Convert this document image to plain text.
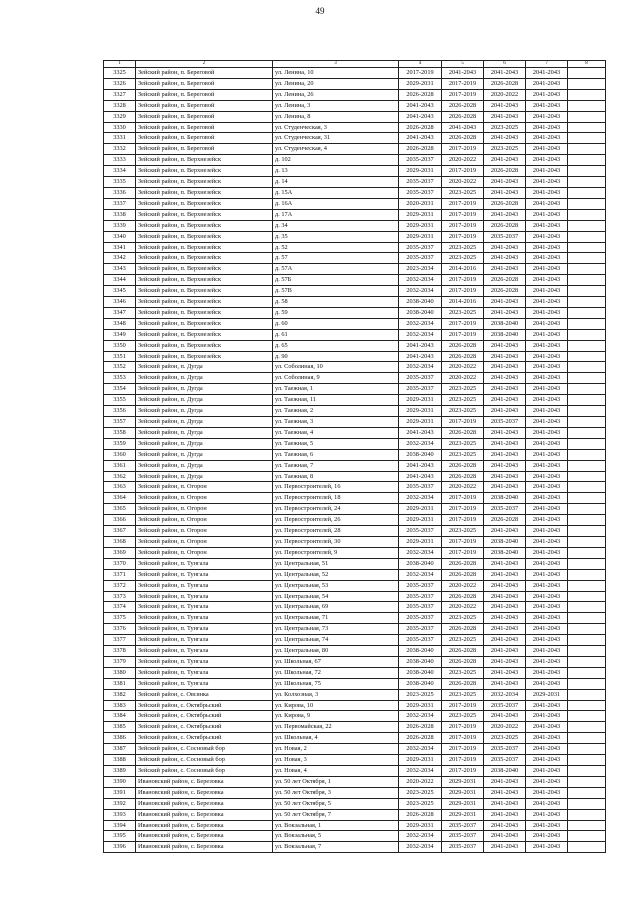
49
1	2	3	4	5	6	7	8
3325	Зейский район, п. Береговой	ул. Ленина, 10	2017-2019	2041-2043	2041-2043	2041-2043	
3326	Зейский район, п. Береговой	ул. Ленина, 20	2029-2031	2017-2019	2026-2028	2041-2043	
3327	Зейский район, п. Береговой	ул. Ленина, 26	2026-2028	2017-2019	2020-2022	2041-2043	
3328	Зейский район, п. Береговой	ул. Ленина, 3	2041-2043	2026-2028	2041-2043	2041-2043	
3329	Зейский район, п. Береговой	ул. Ленина, 8	2041-2043	2026-2028	2041-2043	2041-2043	
3330	Зейский район, п. Береговой	ул. Студенческая, 3	2026-2028	2041-2043	2023-2025	2041-2043	
3331	Зейский район, п. Береговой	ул. Студенческая, 31	2041-2043	2026-2028	2041-2043	2041-2043	
3332	Зейский район, п. Береговой	ул. Студенческая, 4	2026-2028	2017-2019	2023-2025	2041-2043	
3333	Зейский район, п. Верхнезейск	д. 102	2035-2037	2020-2022	2041-2043	2041-2043	
3334	Зейский район, п. Верхнезейск	д. 13	2029-2031	2017-2019	2026-2028	2041-2043	
3335	Зейский район, п. Верхнезейск	д. 14	2035-2037	2020-2022	2041-2043	2041-2043	
3336	Зейский район, п. Верхнезейск	д. 15А	2035-2037	2023-2025	2041-2043	2041-2043	
3337	Зейский район, п. Верхнезейск	д. 16А	2020-2031	2017-2019	2026-2028	2041-2043	
3338	Зейский район, п. Верхнезейск	д. 17А	2029-2031	2017-2019	2041-2043	2041-2043	
3339	Зейский район, п. Верхнезейск	д. 34	2029-2031	2017-2019	2026-2028	2041-2043	
3340	Зейский район, п. Верхнезейск	д. 35	2029-2031	2017-2019	2035-2037	2041-2043	
3341	Зейский район, п. Верхнезейск	д. 52	2035-2037	2023-2025	2041-2043	2041-2043	
3342	Зейский район, п. Верхнезейск	д. 57	2035-2037	2023-2025	2041-2043	2041-2043	
3343	Зейский район, п. Верхнезейск	д. 57А	2023-2034	2014-2016	2041-2043	2041-2043	
3344	Зейский район, п. Верхнезейск	д. 57Б	2032-2034	2017-2019	2026-2028	2041-2043	
3345	Зейский район, п. Верхнезейск	д. 57В	2032-2034	2017-2019	2026-2028	2041-2043	
3346	Зейский район, п. Верхнезейск	д. 58	2038-2040	2014-2016	2041-2043	2041-2043	
3347	Зейский район, п. Верхнезейск	д. 59	2038-2040	2023-2025	2041-2043	2041-2043	
3348	Зейский район, п. Верхнезейск	д. 60	2032-2034	2017-2019	2038-2040	2041-2043	
3349	Зейский район, п. Верхнезейск	д. 61	2032-2034	2017-2019	2038-2040	2041-2043	
3350	Зейский район, п. Верхнезейск	д. 65	2041-2043	2026-2028	2041-2043	2041-2043	
3351	Зейский район, п. Верхнезейск	д. 90	2041-2043	2026-2028	2041-2043	2041-2043	
3352	Зейский район, п. Дугда	ул. Соболиная, 10	2032-2034	2020-2022	2041-2043	2041-2043	
3353	Зейский район, п. Дугда	ул. Соболиная, 9	2035-2037	2020-2022	2041-2043	2041-2043	
3354	Зейский район, п. Дугда	ул. Таежная, 1	2035-2037	2023-2025	2041-2043	2041-2043	
3355	Зейский район, п. Дугда	ул. Таежная, 11	2029-2031	2023-2025	2041-2043	2041-2043	
3356	Зейский район, п. Дугда	ул. Таежная, 2	2029-2031	2023-2025	2041-2043	2041-2043	
3357	Зейский район, п. Дугда	ул. Таежная, 3	2029-2031	2017-2019	2035-2037	2041-2043	
3358	Зейский район, п. Дугда	ул. Таежная, 4	2041-2043	2026-2028	2041-2043	2041-2043	
3359	Зейский район, п. Дугда	ул. Таежная, 5	2032-2034	2023-2025	2041-2043	2041-2043	
3360	Зейский район, п. Дугда	ул. Таежная, 6	2038-2040	2023-2025	2041-2043	2041-2043	
3361	Зейский район, п. Дугда	ул. Таежная, 7	2041-2043	2026-2028	2041-2043	2041-2043	
3362	Зейский район, п. Дугда	ул. Таежная, 8	2041-2043	2026-2028	2041-2043	2041-2043	
3363	Зейский район, п. Огорон	ул. Первостроителей, 16	2035-2037	2020-2022	2041-2043	2041-2043	
3364	Зейский район, п. Огорон	ул. Первостроителей, 18	2032-2034	2017-2019	2038-2040	2041-2043	
3365	Зейский район, п. Огорон	ул. Первостроителей, 24	2029-2031	2017-2019	2035-2037	2041-2043	
3366	Зейский район, п. Огорон	ул. Первостроителей, 26	2029-2031	2017-2019	2026-2028	2041-2043	
3367	Зейский район, п. Огорон	ул. Первостроителей, 28	2035-2037	2023-2025	2041-2043	2041-2043	
3368	Зейский район, п. Огорон	ул. Первостроителей, 30	2029-2031	2017-2019	2038-2040	2041-2043	
3369	Зейский район, п. Огорон	ул. Первостроителей, 9	2032-2034	2017-2019	2038-2040	2041-2043	
3370	Зейский район, п. Тунгала	ул. Центральная, 51	2038-2040	2026-2028	2041-2043	2041-2043	
3371	Зейский район, п. Тунгала	ул. Центральная, 52	2032-2034	2026-2028	2041-2043	2041-2043	
3372	Зейский район, п. Тунгала	ул. Центральная, 53	2035-2037	2020-2022	2041-2043	2041-2043	
3373	Зейский район, п. Тунгала	ул. Центральная, 54	2035-2037	2026-2028	2041-2043	2041-2043	
3374	Зейский район, п. Тунгала	ул. Центральная, 69	2035-2037	2020-2022	2041-2043	2041-2043	
3375	Зейский район, п. Тунгала	ул. Центральная, 71	2035-2037	2023-2025	2041-2043	2041-2043	
3376	Зейский район, п. Тунгала	ул. Центральная, 73	2035-2037	2026-2028	2041-2043	2041-2043	
3377	Зейский район, п. Тунгала	ул. Центральная, 74	2035-2037	2023-2025	2041-2043	2041-2043	
3378	Зейский район, п. Тунгала	ул. Центральная, 80	2038-2040	2026-2028	2041-2043	2041-2043	
3379	Зейский район, п. Тунгала	ул. Школьная, 67	2038-2040	2026-2028	2041-2043	2041-2043	
3380	Зейский район, п. Тунгала	ул. Школьная, 72	2038-2040	2023-2025	2041-2043	2041-2043	
3381	Зейский район, п. Тунгала	ул. Школьная, 75	2038-2040	2026-2028	2041-2043	2041-2043	
3382	Зейский район, с. Овсянка	ул. Колхозная, 3	2023-2025	2023-2025	2032-2034	2029-2031	
3383	Зейский район, с. Октябрьский	ул. Кирова, 10	2029-2031	2017-2019	2035-2037	2041-2043	
3384	Зейский район, с. Октябрьский	ул. Кирова, 9	2032-2034	2023-2025	2041-2043	2041-2043	
3385	Зейский район, с. Октябрьский	ул. Первомайская, 22	2026-2028	2017-2019	2020-2022	2041-2043	
3386	Зейский район, с. Октябрьский	ул. Школьная, 4	2026-2028	2017-2019	2023-2025	2041-2043	
3387	Зейский район, с. Сосновый бор	ул. Новая, 2	2032-2034	2017-2019	2035-2037	2041-2043	
3388	Зейский район, с. Сосновый бор	ул. Новая, 3	2029-2031	2017-2019	2035-2037	2041-2043	
3389	Зейский район, с. Сосновый бор	ул. Новая, 4	2032-2034	2017-2019	2038-2040	2041-2043	
3390	Ивановский район, с. Березовка	ул. 50 лет Октября, 1	2020-2022	2029-2031	2041-2043	2041-2043	
3391	Ивановский район, с. Березовка	ул. 50 лет Октября, 3	2023-2025	2029-2031	2041-2043	2041-2043	
3392	Ивановский район, с. Березовка	ул. 50 лет Октября, 5	2023-2025	2029-2031	2041-2043	2041-2043	
3393	Ивановский район, с. Березовка	ул. 50 лет Октября, 7	2026-2028	2029-2031	2041-2043	2041-2043	
3394	Ивановский район, с. Березовка	ул. Вокзальная, 1	2029-2031	2035-2037	2041-2043	2041-2043	
3395	Ивановский район, с. Березовка	ул. Вокзальная, 5	2032-2034	2035-2037	2041-2043	2041-2043	
3396	Ивановский район, с. Березовка	ул. Вокзальная, 7	2032-2034	2035-2037	2041-2043	2041-2043	
